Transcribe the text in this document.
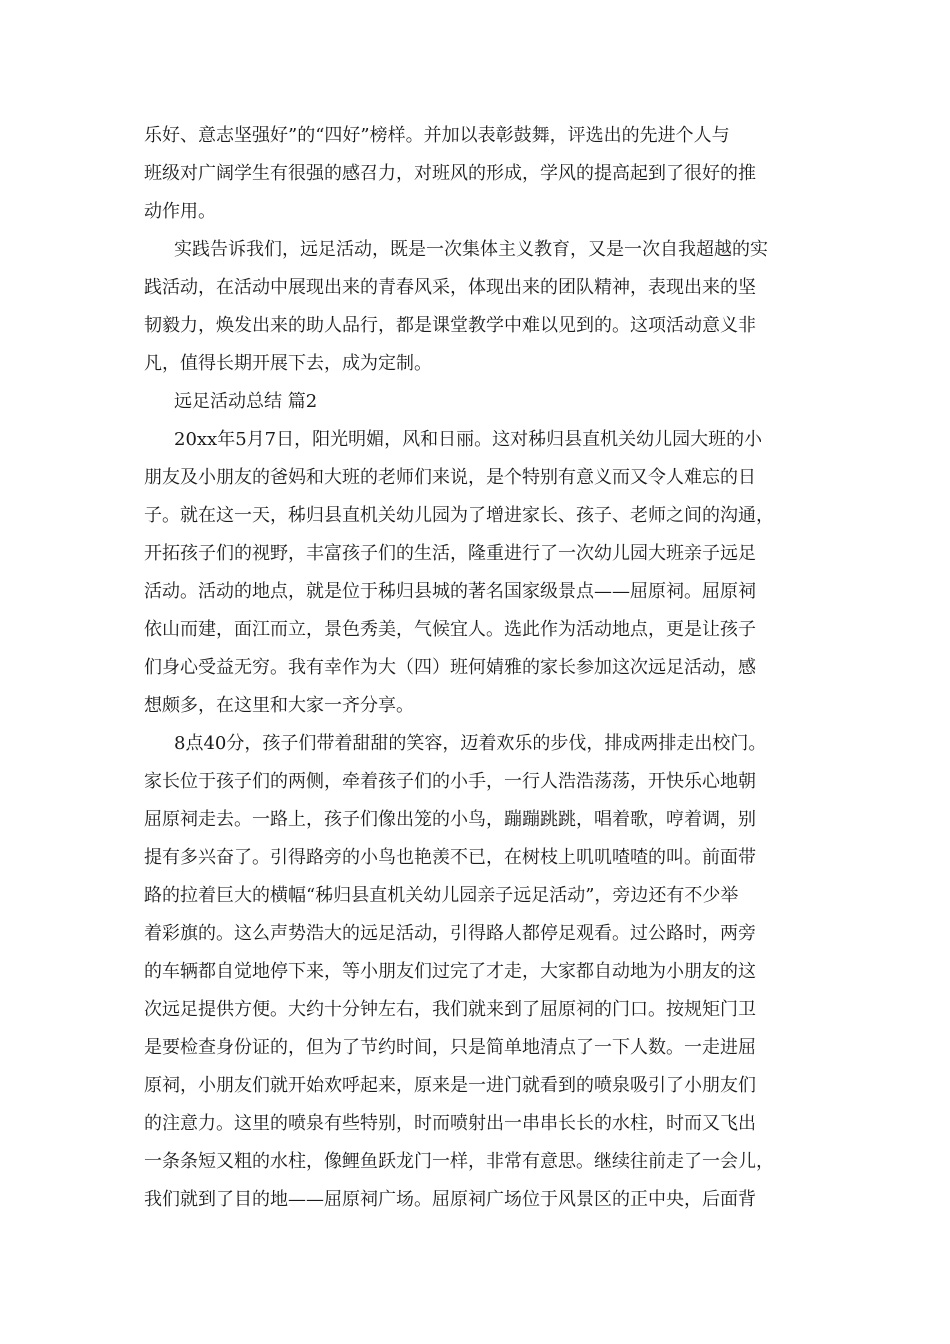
乐好、意志坚强好”的“四好”榜样。并加以表彰鼓舞，评选出的先进个人与
班级对广阔学生有很强的感召力，对班风的形成，学风的提高起到了很好的推
动作用。
实践告诉我们，远足活动，既是一次集体主义教育，又是一次自我超越的实
践活动，在活动中展现出来的青春风采，体现出来的团队精神，表现出来的坚
韧毅力，焕发出来的助人品行，都是课堂教学中难以见到的。这项活动意义非
凡，值得长期开展下去，成为定制。
远足活动总结 篇2
20xx年5月7日，阳光明媚，风和日丽。这对秭归县直机关幼儿园大班的小
朋友及小朋友的爸妈和大班的老师们来说，是个特别有意义而又令人难忘的日
子。就在这一天，秭归县直机关幼儿园为了增进家长、孩子、老师之间的沟通，
开拓孩子们的视野，丰富孩子们的生活，隆重进行了一次幼儿园大班亲子远足
活动。活动的地点，就是位于秭归县城的著名国家级景点——屈原祠。屈原祠
依山而建，面江而立，景色秀美，气候宜人。选此作为活动地点，更是让孩子
们身心受益无穷。我有幸作为大（四）班何婧雅的家长参加这次远足活动，感
想颇多，在这里和大家一齐分享。
8点40分，孩子们带着甜甜的笑容，迈着欢乐的步伐，排成两排走出校门。
家长位于孩子们的两侧，牵着孩子们的小手，一行人浩浩荡荡，开快乐心地朝
屈原祠走去。一路上，孩子们像出笼的小鸟，蹦蹦跳跳，唱着歌，哼着调，别
提有多兴奋了。引得路旁的小鸟也艳羡不已，在树枝上叽叽喳喳的叫。前面带
路的拉着巨大的横幅“秭归县直机关幼儿园亲子远足活动”，旁边还有不少举
着彩旗的。这么声势浩大的远足活动，引得路人都停足观看。过公路时，两旁
的车辆都自觉地停下来，等小朋友们过完了才走，大家都自动地为小朋友的这
次远足提供方便。大约十分钟左右，我们就来到了屈原祠的门口。按规矩门卫
是要检查身份证的，但为了节约时间，只是简单地清点了一下人数。一走进屈
原祠，小朋友们就开始欢呼起来，原来是一进门就看到的喷泉吸引了小朋友们
的注意力。这里的喷泉有些特别，时而喷射出一串串长长的水柱，时而又飞出
一条条短又粗的水柱，像鲤鱼跃龙门一样，非常有意思。继续往前走了一会儿，
我们就到了目的地——屈原祠广场。屈原祠广场位于风景区的正中央，后面背
